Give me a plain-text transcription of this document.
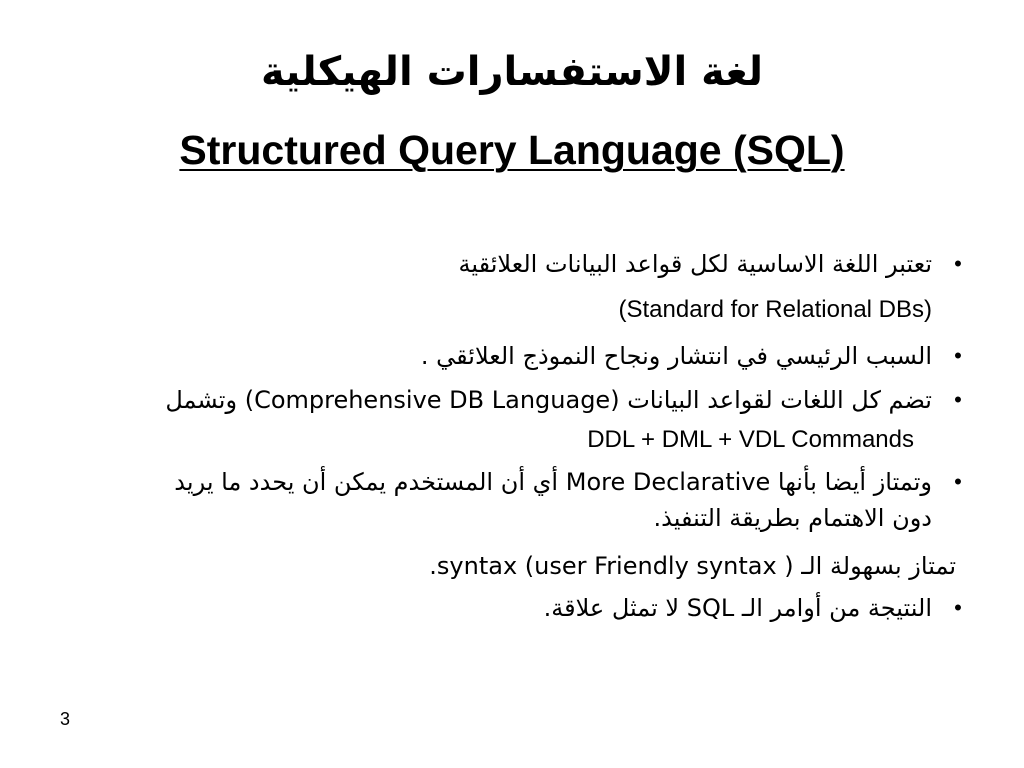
لغة الاستفسارات الهيكلية
Structured Query Language (SQL)
•
تعتبر اللغة الاساسية لكل قواعد البيانات العلائقية
(Standard for Relational DBs)
•
السبب الرئيسي في انتشار ونجاح النموذج العلائقي .
•
تضم كل اللغات لقواعد البيانات (Comprehensive DB Language) وتشمل
DDL + DML + VDL Commands
•
وتمتاز أيضا بأنها More Declarative أي أن المستخدم يمكن أن يحدد ما يريد
دون الاهتمام بطريقة التنفيذ.
تمتاز بسهولة الـ syntax (user Friendly syntax ).
•
النتيجة من أوامر الـ SQL لا تمثل علاقة.
3
